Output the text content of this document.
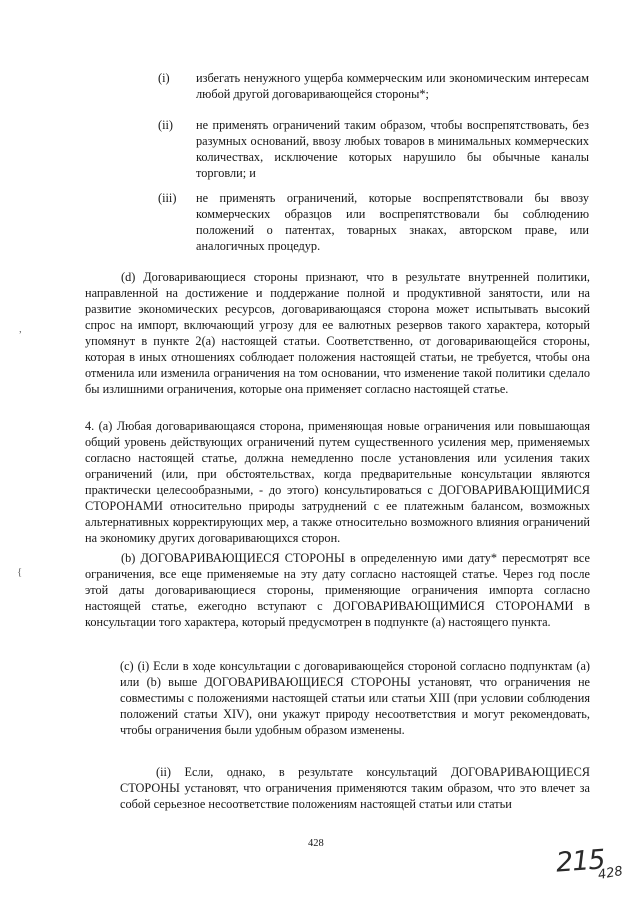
(i) избегать ненужного ущерба коммерческим или экономическим интересам любой другой договаривающейся стороны*;
(ii) не применять ограничений таким образом, чтобы воспрепятствовать, без разумных оснований, ввозу любых товаров в минимальных коммерческих количествах, исключение которых нарушило бы обычные каналы торговли; и
(iii) не применять ограничений, которые воспрепятствовали бы ввозу коммерческих образцов или воспрепятствовали бы соблюдению положений о патентах, товарных знаках, авторском праве, или аналогичных процедур.
(d) Договаривающиеся стороны признают, что в результате внутренней политики, направленной на достижение и поддержание полной и продуктивной занятости, или на развитие экономических ресурсов, договаривающаяся сторона может испытывать высокий спрос на импорт, включающий угрозу для ее валютных резервов такого характера, который упомянут в пункте 2(a) настоящей статьи. Соответственно, от договаривающейся стороны, которая в иных отношениях соблюдает положения настоящей статьи, не требуется, чтобы она отменила или изменила ограничения на том основании, что изменение такой политики сделало бы излишними ограничения, которые она применяет согласно настоящей статье.
4. (a) Любая договаривающаяся сторона, применяющая новые ограничения или повышающая общий уровень действующих ограничений путем существенного усиления мер, применяемых согласно настоящей статье, должна немедленно после установления или усиления таких ограничений (или, при обстоятельствах, когда предварительные консультации являются практически целесообразными, - до этого) консультироваться с ДОГОВАРИВАЮЩИМИСЯ СТОРОНАМИ относительно природы затруднений с ее платежным балансом, возможных альтернативных корректирующих мер, а также относительно возможного влияния ограничений на экономику других договаривающихся сторон.
(b) ДОГОВАРИВАЮЩИЕСЯ СТОРОНЫ в определенную ими дату* пересмотрят все ограничения, все еще применяемые на эту дату согласно настоящей статье. Через год после этой даты договаривающиеся стороны, применяющие ограничения импорта согласно настоящей статье, ежегодно вступают с ДОГОВАРИВАЮЩИМИСЯ СТОРОНАМИ в консультации того характера, который предусмотрен в подпункте (a) настоящего пункта.
(c) (i) Если в ходе консультации с договаривающейся стороной согласно подпунктам (a) или (b) выше ДОГОВАРИВАЮЩИЕСЯ СТОРОНЫ установят, что ограничения не совместимы с положениями настоящей статьи или статьи XIII (при условии соблюдения положений статьи XIV), они укажут природу несоответствия и могут рекомендовать, чтобы ограничения были удобным образом изменены.
(ii) Если, однако, в результате консультаций ДОГОВАРИВАЮЩИЕСЯ СТОРОНЫ установят, что ограничения применяются таким образом, что это влечет за собой серьезное несоответствие положениям настоящей статьи или статьи
428
215
428
,
{
